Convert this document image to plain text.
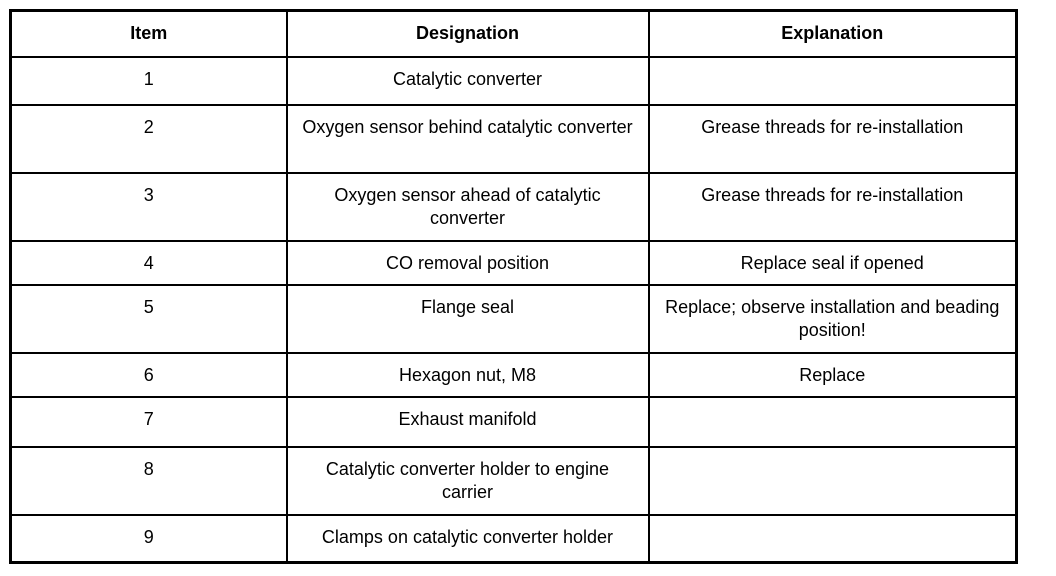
Item	Designation	Explanation
1	Catalytic converter	
2	Oxygen sensor behind catalytic converter	Grease threads for re-installation
3	Oxygen sensor ahead of catalytic converter	Grease threads for re-installation
4	CO removal position	Replace seal if opened
5	Flange seal	Replace; observe installation and beading position!
6	Hexagon nut, M8	Replace
7	Exhaust manifold	
8	Catalytic converter holder to engine carrier	
9	Clamps on catalytic converter holder	
